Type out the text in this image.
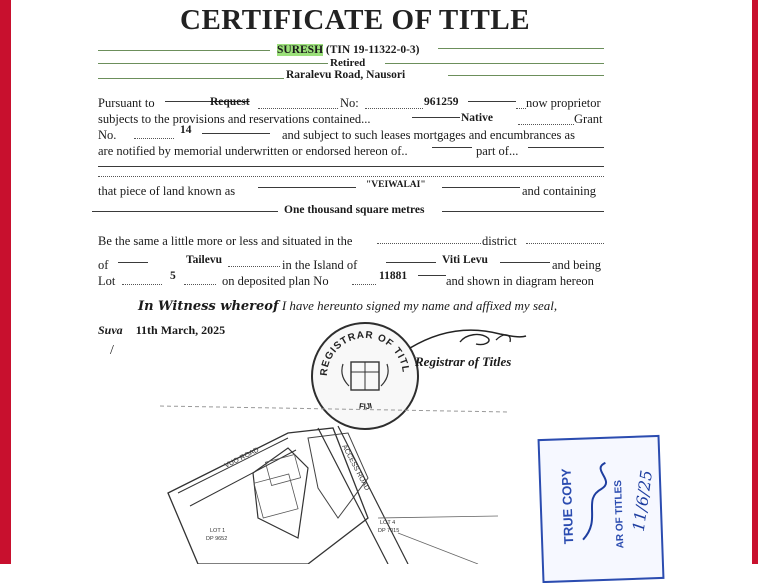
CERTIFICATE OF TITLE
SURESH (TIN 19-11322-0-3)
Retired
Raralevu Road, Nausori
Pursuant to	Request	No:	961259	now proprietor
subjects to the provisions and reservations contained...	Native	Grant
No.	14	and subject to such leases mortgages and encumbrances as
are notified by memorial underwritten or endorsed hereon of..	part of...
that piece of land known as	"VEIWALAI"	and containing
One thousand square metres
Be the same a little more or less and situated in the	district
of	Tailevu	in the Island of	Viti Levu	and being
Lot	5	on deposited plan No	11881	and shown in diagram hereon
In Witness whereof I have hereunto signed my name and affixed my seal,
Suva 11th March, 2025
/
REGISTRAR OF TITL
FIJI
Registrar of Titles
VUO ROAD	ACCESS ROAD
LOT 1
DP 9652
LOT 4
DP 7015	TRUE COPY	AR OF TITLES 11/6/25
